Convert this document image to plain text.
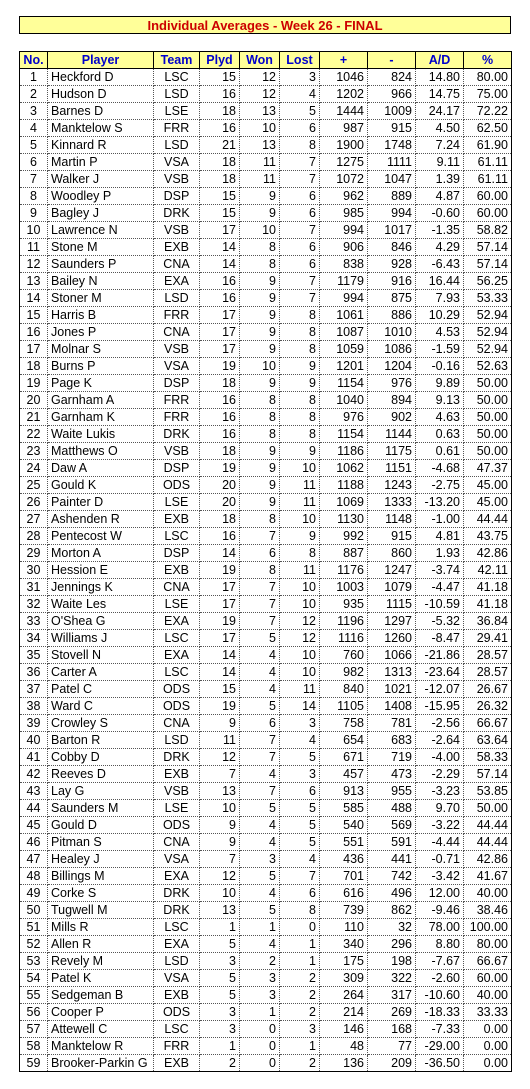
Individual Averages - Week 26 - FINAL
No.	Player	Team	Plyd	Won	Lost	+	-	A/D	%
1	Heckford D	LSC	15	12	3	1046	824	14.80	80.00
2	Hudson D	LSD	16	12	4	1202	966	14.75	75.00
3	Barnes D	LSE	18	13	5	1444	1009	24.17	72.22
4	Manktelow S	FRR	16	10	6	987	915	4.50	62.50
5	Kinnard R	LSD	21	13	8	1900	1748	7.24	61.90
6	Martin P	VSA	18	11	7	1275	1111	9.11	61.11
7	Walker J	VSB	18	11	7	1072	1047	1.39	61.11
8	Woodley P	DSP	15	9	6	962	889	4.87	60.00
9	Bagley J	DRK	15	9	6	985	994	-0.60	60.00
10	Lawrence N	VSB	17	10	7	994	1017	-1.35	58.82
11	Stone M	EXB	14	8	6	906	846	4.29	57.14
12	Saunders P	CNA	14	8	6	838	928	-6.43	57.14
13	Bailey N	EXA	16	9	7	1179	916	16.44	56.25
14	Stoner M	LSD	16	9	7	994	875	7.93	53.33
15	Harris B	FRR	17	9	8	1061	886	10.29	52.94
16	Jones P	CNA	17	9	8	1087	1010	4.53	52.94
17	Molnar S	VSB	17	9	8	1059	1086	-1.59	52.94
18	Burns P	VSA	19	10	9	1201	1204	-0.16	52.63
19	Page K	DSP	18	9	9	1154	976	9.89	50.00
20	Garnham A	FRR	16	8	8	1040	894	9.13	50.00
21	Garnham K	FRR	16	8	8	976	902	4.63	50.00
22	Waite Lukis	DRK	16	8	8	1154	1144	0.63	50.00
23	Matthews O	VSB	18	9	9	1186	1175	0.61	50.00
24	Daw A	DSP	19	9	10	1062	1151	-4.68	47.37
25	Gould K	ODS	20	9	11	1188	1243	-2.75	45.00
26	Painter D	LSE	20	9	11	1069	1333	-13.20	45.00
27	Ashenden R	EXB	18	8	10	1130	1148	-1.00	44.44
28	Pentecost W	LSC	16	7	9	992	915	4.81	43.75
29	Morton A	DSP	14	6	8	887	860	1.93	42.86
30	Hession E	EXB	19	8	11	1176	1247	-3.74	42.11
31	Jennings K	CNA	17	7	10	1003	1079	-4.47	41.18
32	Waite Les	LSE	17	7	10	935	1115	-10.59	41.18
33	O'Shea G	EXA	19	7	12	1196	1297	-5.32	36.84
34	Williams J	LSC	17	5	12	1116	1260	-8.47	29.41
35	Stovell N	EXA	14	4	10	760	1066	-21.86	28.57
36	Carter A	LSC	14	4	10	982	1313	-23.64	28.57
37	Patel C	ODS	15	4	11	840	1021	-12.07	26.67
38	Ward C	ODS	19	5	14	1105	1408	-15.95	26.32
39	Crowley S	CNA	9	6	3	758	781	-2.56	66.67
40	Barton R	LSD	11	7	4	654	683	-2.64	63.64
41	Cobby D	DRK	12	7	5	671	719	-4.00	58.33
42	Reeves D	EXB	7	4	3	457	473	-2.29	57.14
43	Lay G	VSB	13	7	6	913	955	-3.23	53.85
44	Saunders M	LSE	10	5	5	585	488	9.70	50.00
45	Gould D	ODS	9	4	5	540	569	-3.22	44.44
46	Pitman S	CNA	9	4	5	551	591	-4.44	44.44
47	Healey J	VSA	7	3	4	436	441	-0.71	42.86
48	Billings M	EXA	12	5	7	701	742	-3.42	41.67
49	Corke S	DRK	10	4	6	616	496	12.00	40.00
50	Tugwell M	DRK	13	5	8	739	862	-9.46	38.46
51	Mills R	LSC	1	1	0	110	32	78.00	100.00
52	Allen R	EXA	5	4	1	340	296	8.80	80.00
53	Revely M	LSD	3	2	1	175	198	-7.67	66.67
54	Patel K	VSA	5	3	2	309	322	-2.60	60.00
55	Sedgeman B	EXB	5	3	2	264	317	-10.60	40.00
56	Cooper P	ODS	3	1	2	214	269	-18.33	33.33
57	Attewell C	LSC	3	0	3	146	168	-7.33	0.00
58	Manktelow R	FRR	1	0	1	48	77	-29.00	0.00
59	Brooker-Parkin G	EXB	2	0	2	136	209	-36.50	0.00
